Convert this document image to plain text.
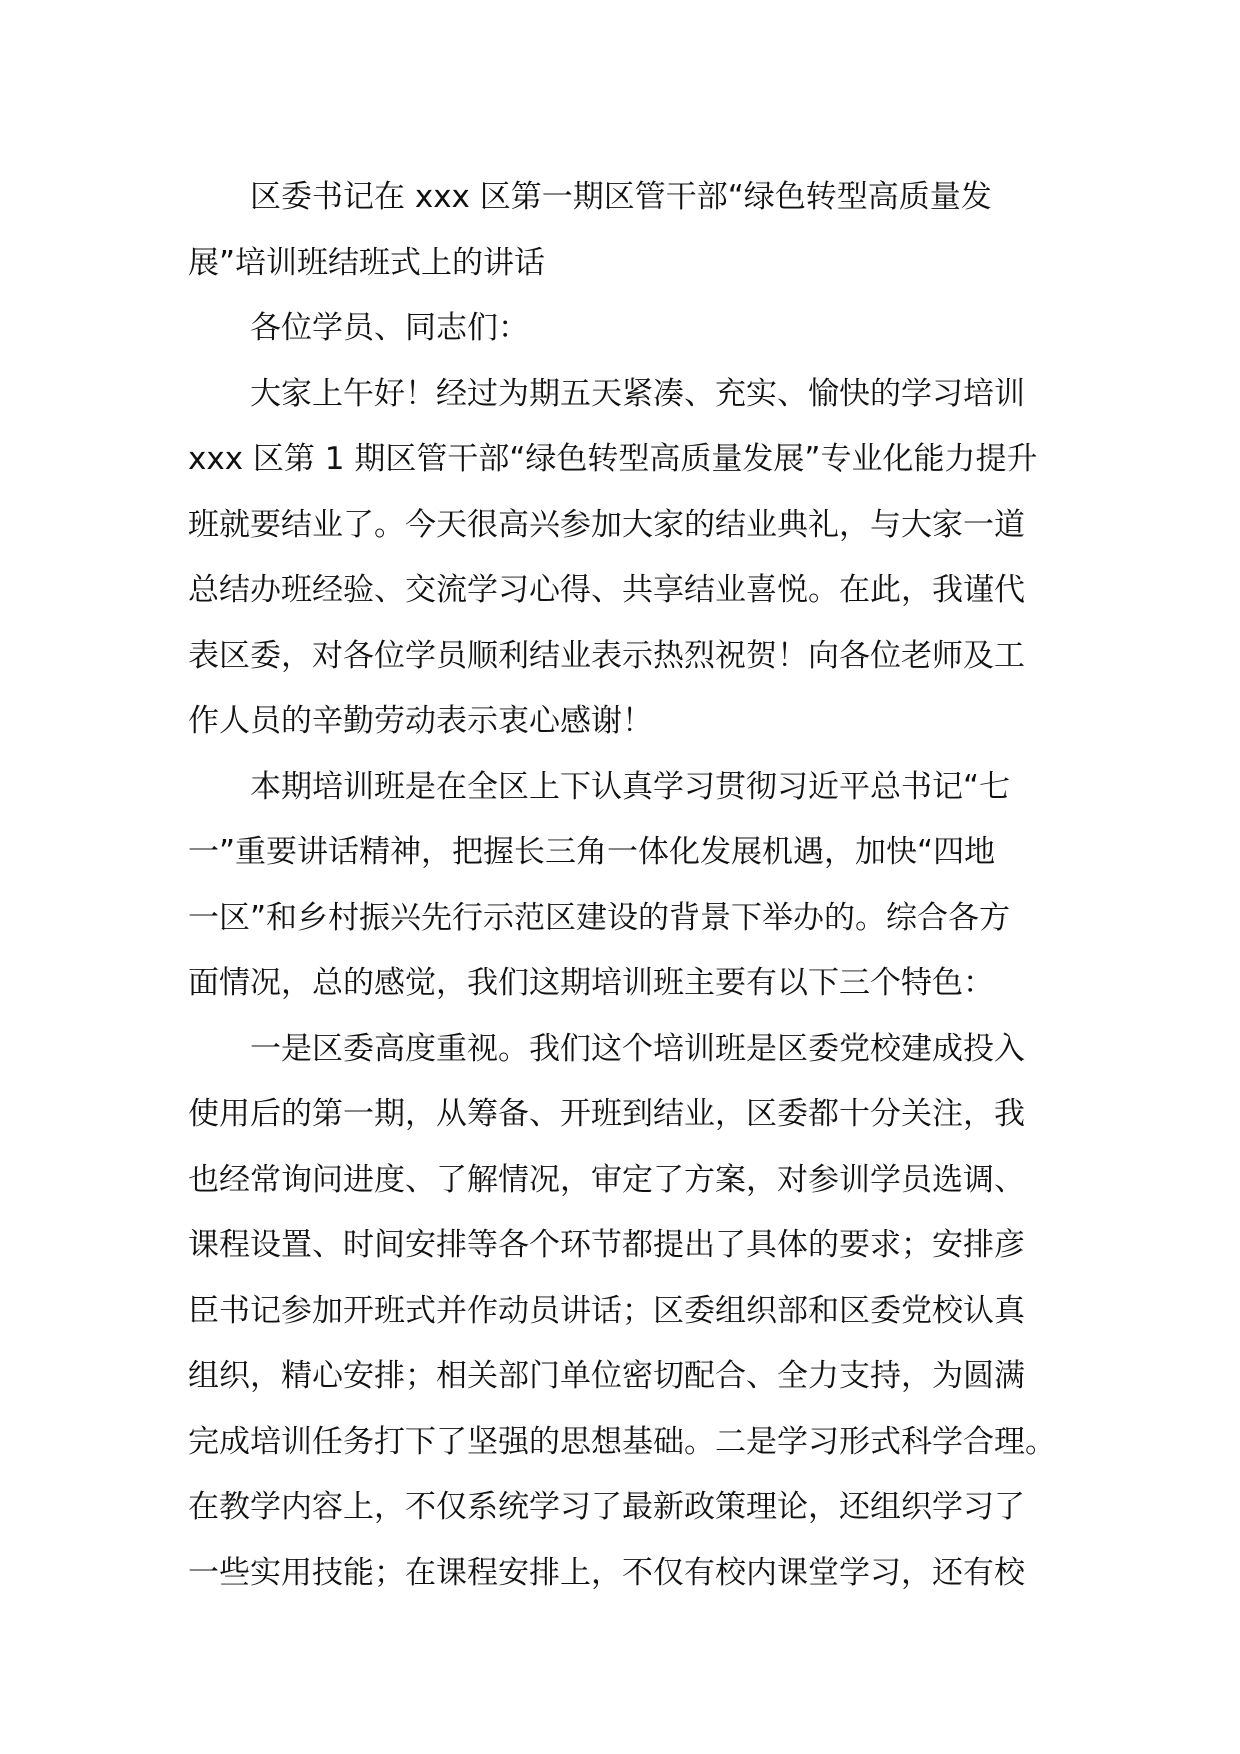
区委书记在 xxx 区第一期区管干部“绿色转型高质量发
展”培训班结班式上的讲话
各位学员、同志们：
大家上午好！经过为期五天紧凑、充实、愉快的学习培训
xxx 区第 1 期区管干部“绿色转型高质量发展”专业化能力提升
班就要结业了。今天很高兴参加大家的结业典礼，与大家一道
总结办班经验、交流学习心得、共享结业喜悦。在此，我谨代
表区委，对各位学员顺利结业表示热烈祝贺！向各位老师及工
作人员的辛勤劳动表示衷心感谢！
本期培训班是在全区上下认真学习贯彻习近平总书记“七
一”重要讲话精神，把握长三角一体化发展机遇，加快“四地
一区”和乡村振兴先行示范区建设的背景下举办的。综合各方
面情况，总的感觉，我们这期培训班主要有以下三个特色：
一是区委高度重视。我们这个培训班是区委党校建成投入
使用后的第一期，从筹备、开班到结业，区委都十分关注，我
也经常询问进度、了解情况，审定了方案，对参训学员选调、
课程设置、时间安排等各个环节都提出了具体的要求；安排彦
臣书记参加开班式并作动员讲话；区委组织部和区委党校认真
组织，精心安排；相关部门单位密切配合、全力支持，为圆满
完成培训任务打下了坚强的思想基础。二是学习形式科学合理。
在教学内容上，不仅系统学习了最新政策理论，还组织学习了
一些实用技能；在课程安排上，不仅有校内课堂学习，还有校
